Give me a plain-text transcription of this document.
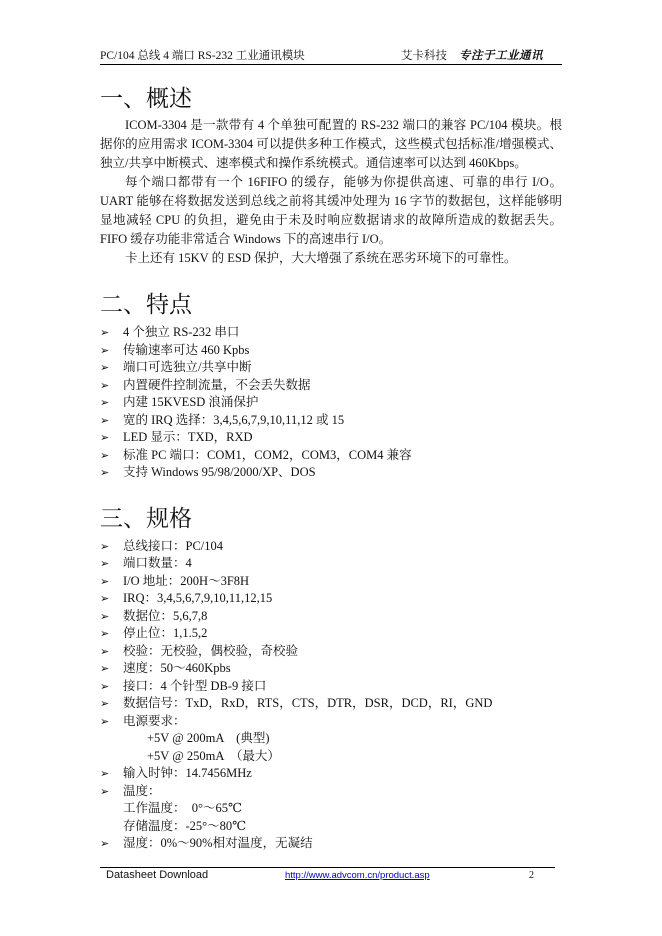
PC/104 总线 4 端口 RS-232 工业通讯模块	艾卡科技 专注于工业通讯
一、概述

ICOM-3304 是一款带有 4 个单独可配置的 RS-232 端口的兼容 PC/104 模块。根据你的应用需求 ICOM-3304 可以提供多种工作模式，这些模式包括标准/增强模式、独立/共享中断模式、速率模式和操作系统模式。通信速率可以达到 460Kbps。

每个端口都带有一个 16FIFO 的缓存，能够为你提供高速、可靠的串行 I/O。UART 能够在将数据发送到总线之前将其缓冲处理为 16 字节的数据包，这样能够明显地减轻 CPU 的负担，避免由于未及时响应数据请求的故障所造成的数据丢失。FIFO 缓存功能非常适合 Windows 下的高速串行 I/O。

卡上还有 15KV 的 ESD 保护，大大增强了系统在恶劣环境下的可靠性。

二、特点
➢ 4 个独立 RS-232 串口
➢ 传输速率可达 460 Kpbs
➢ 端口可选独立/共享中断
➢ 内置硬件控制流量，不会丢失数据
➢ 内建 15KVESD 浪涌保护
➢ 宽的 IRQ 选择：3,4,5,6,7,9,10,11,12 或 15
➢ LED 显示：TXD，RXD
➢ 标准 PC 端口：COM1，COM2，COM3，COM4 兼容
➢ 支持 Windows 95/98/2000/XP、DOS
三、规格
➢ 总线接口：PC/104
➢ 端口数量：4
➢ I/O 地址：200H～3F8H
➢ IRQ：3,4,5,6,7,9,10,11,12,15
➢ 数据位：5,6,7,8
➢ 停止位：1,1.5,2
➢ 校验：无校验，偶校验，奇校验
➢ 速度：50～460Kpbs
➢ 接口：4 个针型 DB-9 接口
➢ 数据信号：TxD，RxD，RTS，CTS，DTR，DSR，DCD，RI，GND
➢ 电源要求：
+5V @ 200mA　(典型)
+5V @ 250mA　（最大）
➢ 输入时钟：14.7456MHz
➢ 温度：
工作温度：　0°～65℃
存储温度：-25°～80℃
➢ 湿度：0%～90%相对温度，无凝结
Datasheet Download	http://www.advcom.cn/product.asp	2
